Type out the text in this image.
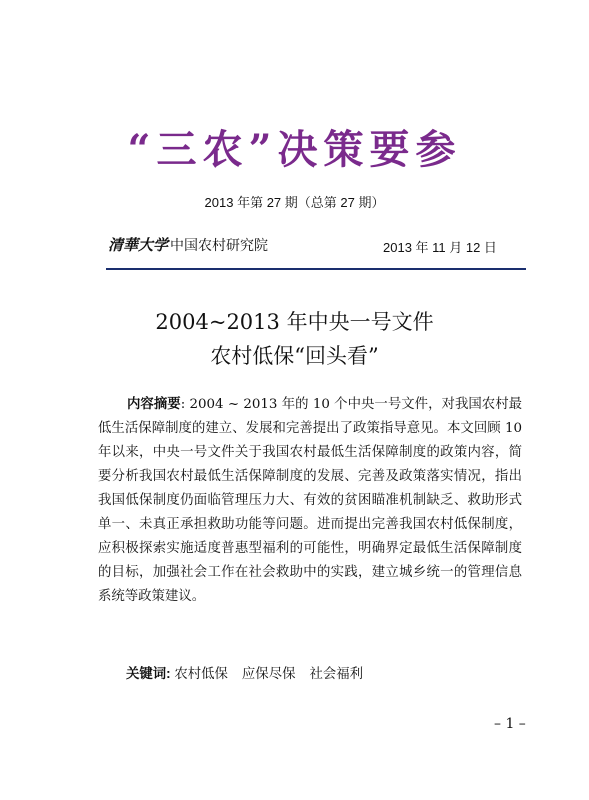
“三农”决策要参
2013 年第 27 期（总第 27 期）
清華大学 中国农村研究院	2013 年 11 月 12 日
2004~2013 年中央一号文件
农村低保“回头看”

内容摘要: 2004 ~ 2013 年的 10 个中央一号文件，对我国农村最低生活保障制度的建立、发展和完善提出了政策指导意见。本文回顾 10 年以来，中央一号文件关于我国农村最低生活保障制度的政策内容，简要分析我国农村最低生活保障制度的发展、完善及政策落实情况，指出我国低保制度仍面临管理压力大、有效的贫困瞄准机制缺乏、救助形式单一、未真正承担救助功能等问题。进而提出完善我国农村低保制度，应积极探索实施适度普惠型福利的可能性，明确界定最低生活保障制度的目标，加强社会工作在社会救助中的实践，建立城乡统一的管理信息系统等政策建议。

关键词: 农村低保 应保尽保 社会福利
– 1 –
